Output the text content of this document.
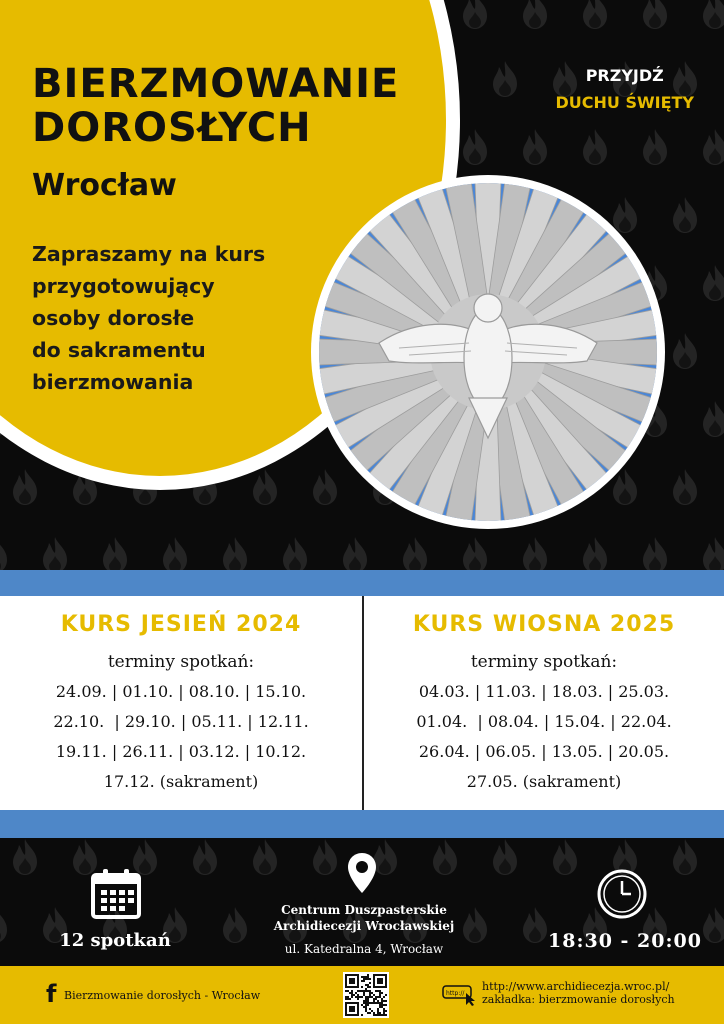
BIERZMOWANIE
DOROSŁYCH
Wrocław
Zapraszamy na kurs
przygotowujący
osoby dorosłe
do sakramentu
bierzmowania
PRZYJDŹ
DUCHU ŚWIĘTY
KURS JESIEŃ 2024
terminy spotkań:
24.09. | 01.10. | 08.10. | 15.10.
22.10.  | 29.10. | 05.11. | 12.11.
19.11. | 26.11. | 03.12. | 10.12.
17.12. (sakrament)
KURS WIOSNA 2025
terminy spotkań:
04.03. | 11.03. | 18.03. | 25.03.
01.04.  | 08.04. | 15.04. | 22.04.
26.04. | 06.05. | 13.05. | 20.05.
27.05. (sakrament)
12 spotkań
Centrum Duszpasterskie
Archidiecezji Wrocławskiej
ul. Katedralna 4, Wrocław	18:30 - 20:00
f Bierzmowanie dorosłych - Wrocław	http://
http://www.archidiecezja.wroc.pl/
zakładka: bierzmowanie dorosłych
